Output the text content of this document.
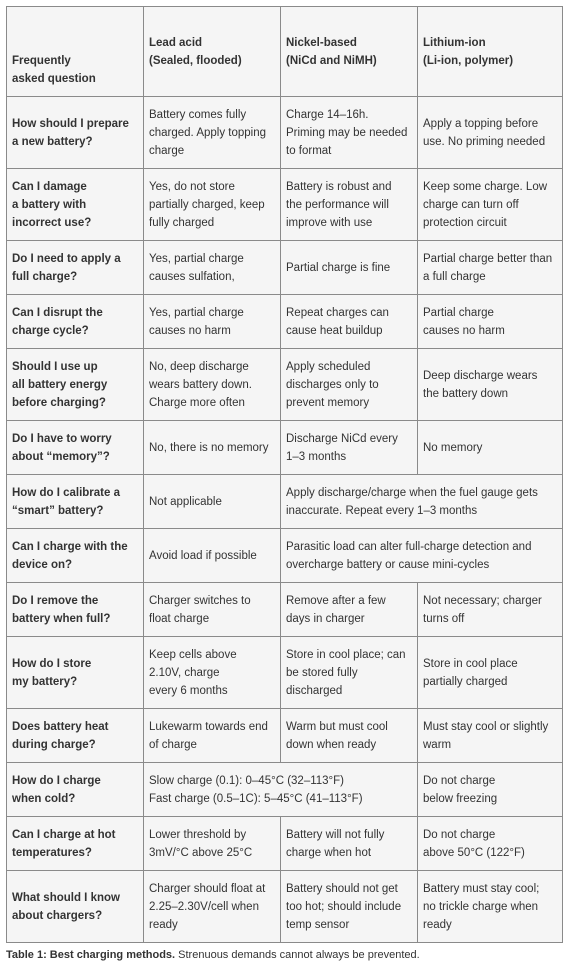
Frequently
asked question	Lead acid
(Sealed, flooded)	Nickel-based
(NiCd and NiMH)	Lithium-ion
(Li-ion, polymer)

How should I prepare
a new battery?	Battery comes fully
charged. Apply topping
charge	Charge 14–16h.
Priming may be needed
to format	Apply a topping before
use. No priming needed

Can I damage
a battery with
incorrect use?	Yes, do not store
partially charged, keep
fully charged	Battery is robust and
the performance will
improve with use	Keep some charge. Low
charge can turn off
protection circuit

Do I need to apply a
full charge?	Yes, partial charge
causes sulfation,	Partial charge is fine	Partial charge better than
a full charge

Can I disrupt the
charge cycle?	Yes, partial charge
causes no harm	Repeat charges can
cause heat buildup	Partial charge
causes no harm

Should I use up
all battery energy
before charging?	No, deep discharge
wears battery down.
Charge more often	Apply scheduled
discharges only to
prevent memory	Deep discharge wears
the battery down

Do I have to worry
about “memory”?	No, there is no memory	Discharge NiCd every
1–3 months	No memory

How do I calibrate a
“smart” battery?	Not applicable	Apply discharge/charge when the fuel gauge gets
inaccurate. Repeat every 1–3 months	

Can I charge with the
device on?	Avoid load if possible	Parasitic load can alter full-charge detection and
overcharge battery or cause mini-cycles	

Do I remove the
battery when full?	Charger switches to
float charge	Remove after a few
days in charger	Not necessary; charger
turns off

How do I store
my battery?	Keep cells above
2.10V, charge
every 6 months	Store in cool place; can
be stored fully
discharged	Store in cool place
partially charged

Does battery heat
during charge?	Lukewarm towards end
of charge	Warm but must cool
down when ready	Must stay cool or slightly
warm

How do I charge
when cold?	Slow charge (0.1): 0–45°C (32–113°F)
Fast charge (0.5–1C): 5–45°C (41–113°F)		Do not charge
below freezing

Can I charge at hot
temperatures?	Lower threshold by
3mV/°C above 25°C	Battery will not fully
charge when hot	Do not charge
above 50°C (122°F)

What should I know
about chargers?	Charger should float at
2.25–2.30V/cell when
ready	Battery should not get
too hot; should include
temp sensor	Battery must stay cool;
no trickle charge when
ready
Table 1: Best charging methods. Strenuous demands cannot always be prevented.
